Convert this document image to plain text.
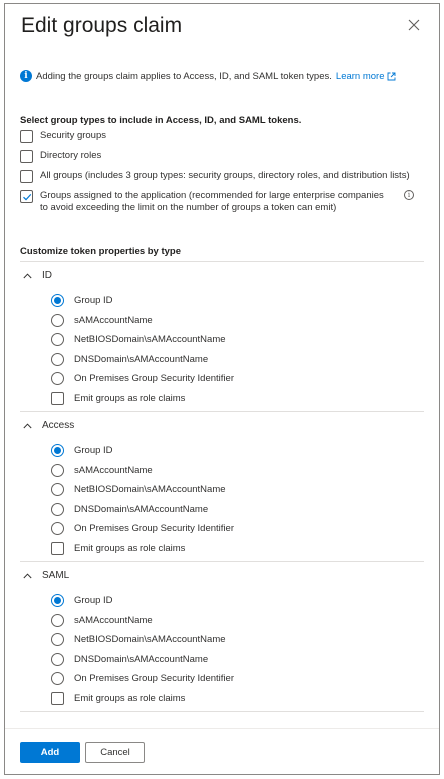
Edit groups claim
i Adding the groups claim applies to Access, ID, and SAML token types. Learn more
Select group types to include in Access, ID, and SAML tokens.
Security groups
Directory roles
All groups (includes 3 group types: security groups, directory roles, and distribution lists)
Groups assigned to the application (recommended for large enterprise companies to avoid exceeding the limit on the number of groups a token can emit)
i
Customize token properties by type
ID
Group ID
sAMAccountName
NetBIOSDomain\sAMAccountName
DNSDomain\sAMAccountName
On Premises Group Security Identifier
Emit groups as role claims
Access
Group ID
sAMAccountName
NetBIOSDomain\sAMAccountName
DNSDomain\sAMAccountName
On Premises Group Security Identifier
Emit groups as role claims
SAML
Group ID
sAMAccountName
NetBIOSDomain\sAMAccountName
DNSDomain\sAMAccountName
On Premises Group Security Identifier
Emit groups as role claims
Add	Cancel
